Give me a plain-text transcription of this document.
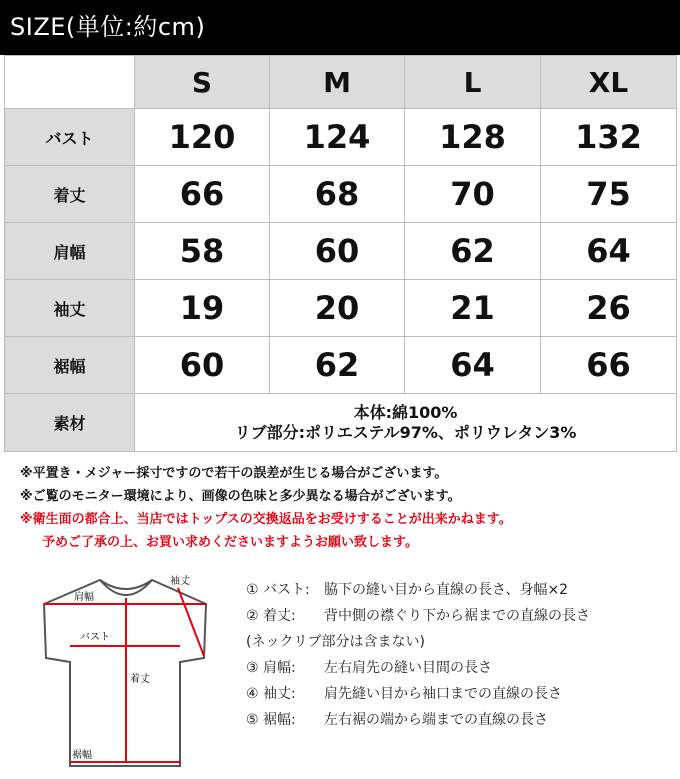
SIZE(単位:約cm)
	S	M	L	XL
バスト	120	124	128	132
着丈	66	68	70	75
肩幅	58	60	62	64
袖丈	19	20	21	26
裾幅	60	62	64	66
素材	本体:綿100%
リブ部分:ポリエステル97%、ポリウレタン3%			
※平置き・メジャー採寸ですので若干の誤差が生じる場合がございます。
※ご覧のモニター環境により、画像の色味と多少異なる場合がございます。
※衛生面の都合上、当店ではトップスの交換返品をお受けすることが出来かねます。
予めご了承の上、お買い求めくださいますようお願い致します。
袖丈
肩幅
バスト
着丈
裾幅
① バスト: 脇下の縫い目から直線の長さ、身幅×2
② 着丈: 背中側の襟ぐり下から裾までの直線の長さ
(ネックリブ部分は含まない)
③ 肩幅: 左右肩先の縫い目間の長さ
④ 袖丈: 肩先縫い目から袖口までの直線の長さ
⑤ 裾幅: 左右裾の端から端までの直線の長さ
